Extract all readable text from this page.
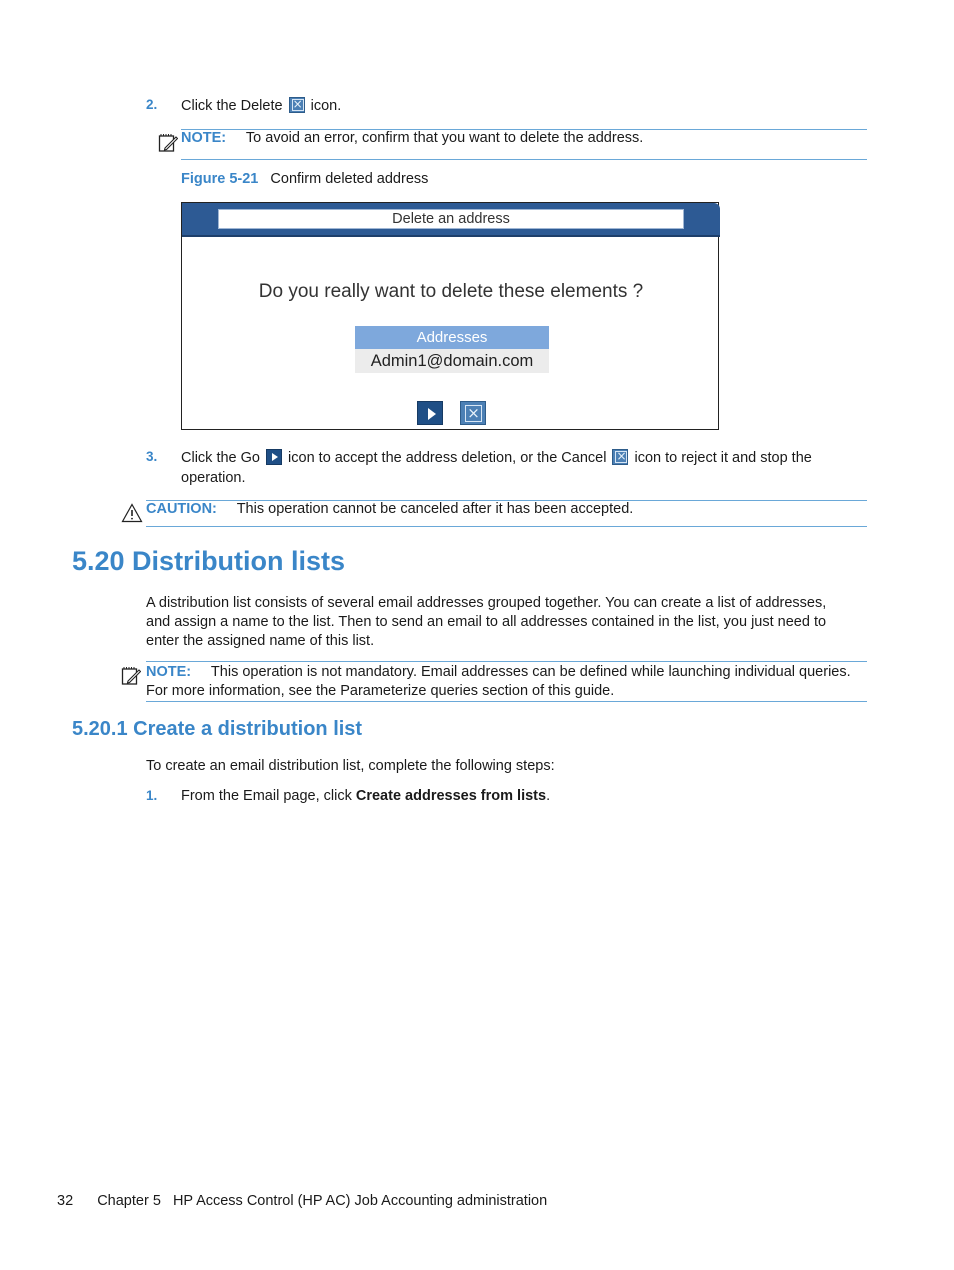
2. Click the Delete × icon.
NOTE: To avoid an error, confirm that you want to delete the address.
Figure 5-21 Confirm deleted address
Delete an address
Do you really want to delete these elements ?
Addresses
Admin1@domain.com
×
3. Click the Go icon to accept the address deletion, or the Cancel × icon to reject it and stop the
operation.
CAUTION: This operation cannot be canceled after it has been accepted.
5.20 Distribution lists
A distribution list consists of several email addresses grouped together. You can create a list of addresses,
and assign a name to the list. Then to send an email to all addresses contained in the list, you just need to
enter the assigned name of this list.
NOTE: This operation is not mandatory. Email addresses can be defined while launching individual queries.
For more information, see the Parameterize queries section of this guide.
5.20.1 Create a distribution list
To create an email distribution list, complete the following steps:
1. From the Email page, click Create addresses from lists.
32 Chapter 5 HP Access Control (HP AC) Job Accounting administration
